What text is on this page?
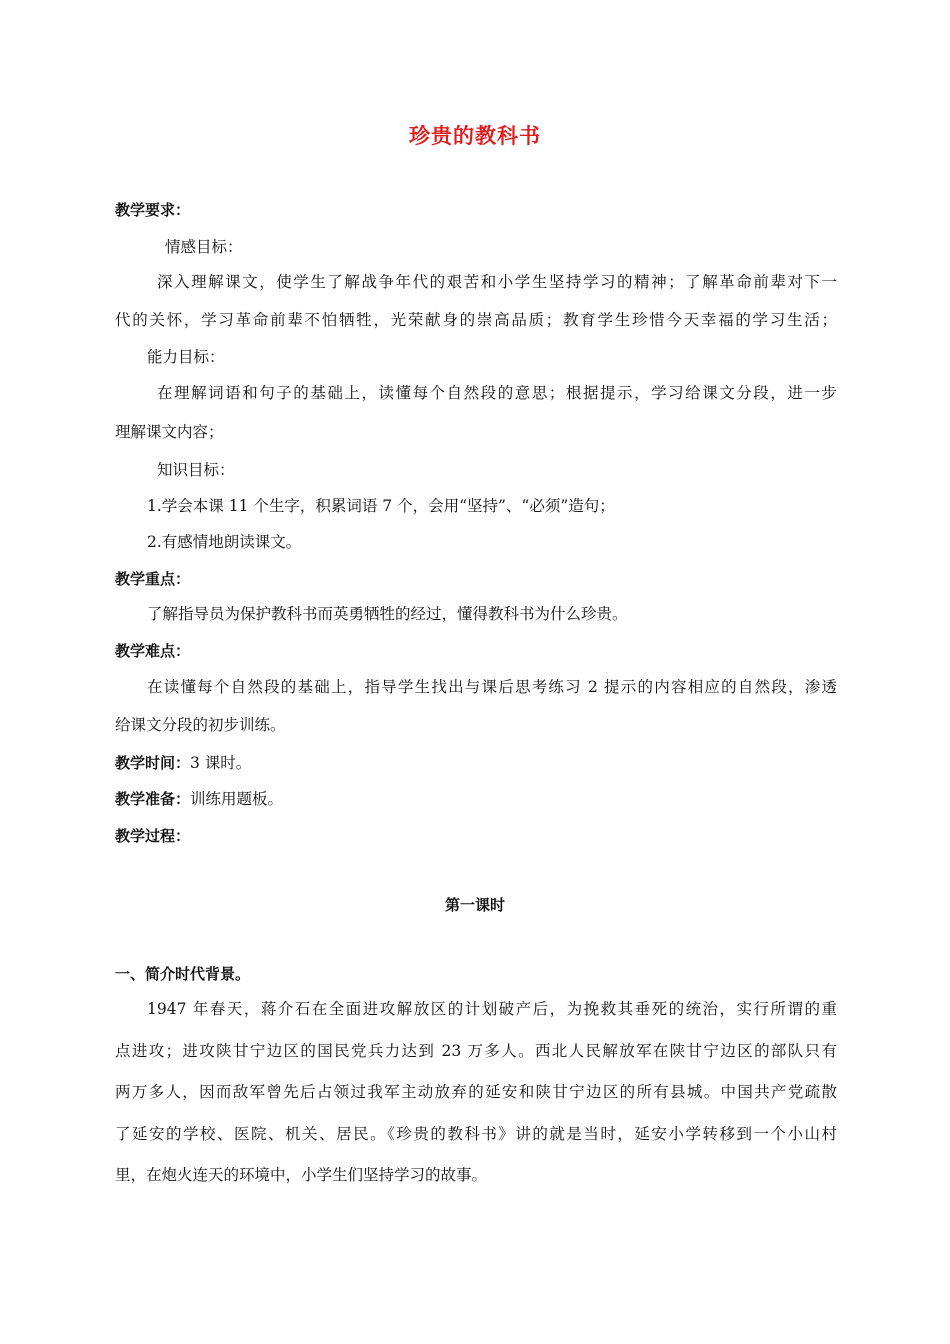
珍贵的教科书
教学要求：
情感目标：
深入理解课文，使学生了解战争年代的艰苦和小学生坚持学习的精神；了解革命前辈对下一
代的关怀，学习革命前辈不怕牺牲，光荣献身的崇高品质；教育学生珍惜今天幸福的学习生活；
能力目标：
在理解词语和句子的基础上，读懂每个自然段的意思；根据提示，学习给课文分段，进一步
理解课文内容；
知识目标：
1.学会本课 11 个生字，积累词语 7 个，会用“坚持”、“必须”造句；
2.有感情地朗读课文。
教学重点：
了解指导员为保护教科书而英勇牺牲的经过，懂得教科书为什么珍贵。
教学难点：
在读懂每个自然段的基础上，指导学生找出与课后思考练习 2 提示的内容相应的自然段，渗透
给课文分段的初步训练。
教学时间：3 课时。
教学准备：训练用题板。
教学过程：
第一课时
一、简介时代背景。
1947 年春天，蒋介石在全面进攻解放区的计划破产后，为挽救其垂死的统治，实行所谓的重
点进攻；进攻陕甘宁边区的国民党兵力达到 23 万多人。西北人民解放军在陕甘宁边区的部队只有
两万多人，因而敌军曾先后占领过我军主动放弃的延安和陕甘宁边区的所有县城。中国共产党疏散
了延安的学校、医院、机关、居民。《珍贵的教科书》讲的就是当时，延安小学转移到一个小山村
里，在炮火连天的环境中，小学生们坚持学习的故事。
